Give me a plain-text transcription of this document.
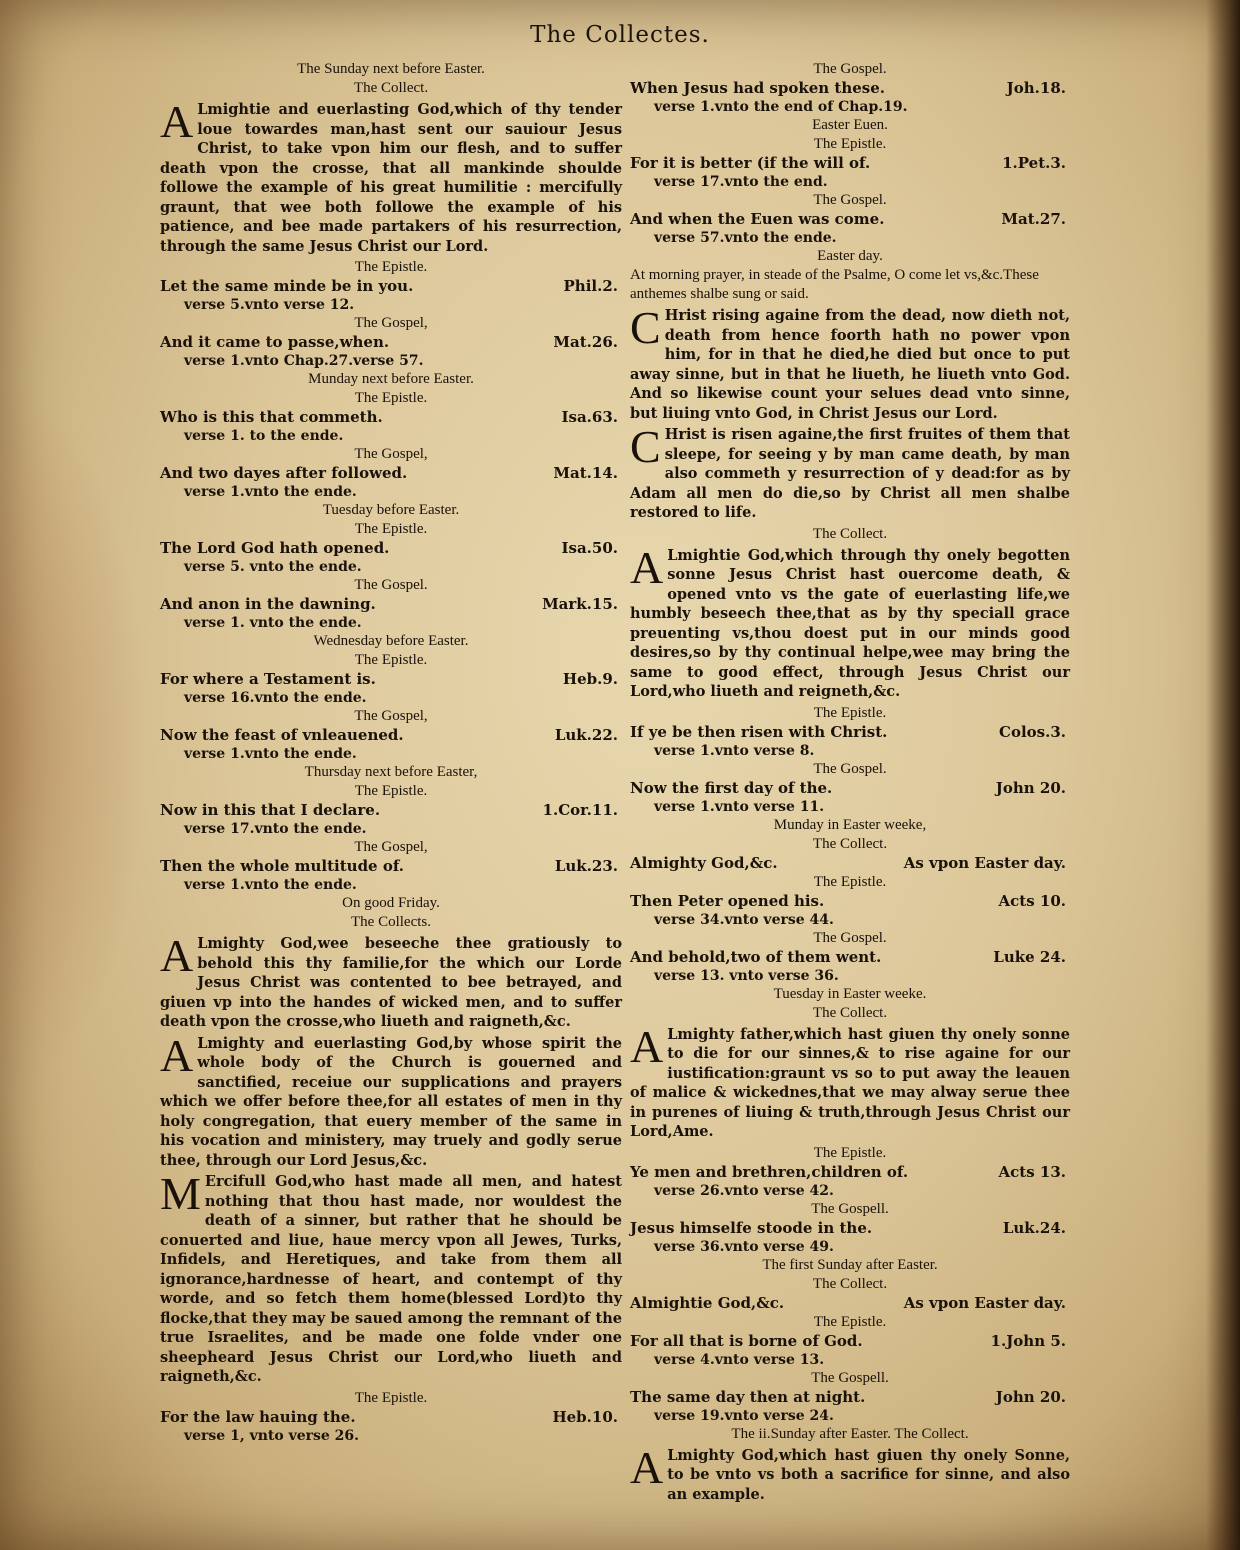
The Collectes.
The Sunday next before Easter.
The Collect.
A Lmightie and euerlasting God,which of thy tender loue towardes man,hast sent our sauiour Jesus Christ, to take vpon him our flesh, and to suffer death vpon the crosse, that all mankinde shoulde followe the example of his great humilitie : mercifully graunt, that wee both followe the example of his patience, and bee made partakers of his resurrection, through the same Jesus Christ our Lord.
The Epistle.
Let the same minde be in you.	Phil.2.
verse 5.vnto verse 12.
The Gospel,
And it came to passe,when.	Mat.26.
verse 1.vnto Chap.27.verse 57.
Munday next before Easter.
The Epistle.
Who is this that commeth.	Isa.63.
verse 1. to the ende.
The Gospel,
And two dayes after followed.	Mat.14.
verse 1.vnto the ende.
Tuesday before Easter.
The Epistle.
The Lord God hath opened.	Isa.50.
verse 5. vnto the ende.
The Gospel.
And anon in the dawning.	Mark.15.
verse 1. vnto the ende.
Wednesday before Easter.
The Epistle.
For where a Testament is.	Heb.9.
verse 16.vnto the ende.
The Gospel,
Now the feast of vnleauened.	Luk.22.
verse 1.vnto the ende.
Thursday next before Easter,
The Epistle.
Now in this that I declare.	1.Cor.11.
verse 17.vnto the ende.
The Gospel,
Then the whole multitude of.	Luk.23.
verse 1.vnto the ende.
On good Friday.
The Collects.
A Lmighty God,wee beseeche thee gratiously to behold this thy familie,for the which our Lorde Jesus Christ was contented to bee betrayed, and giuen vp into the handes of wicked men, and to suffer death vpon the crosse,who liueth and raigneth,&c.
A Lmighty and euerlasting God,by whose spirit the whole body of the Church is gouerned and sanctified, receiue our supplications and prayers which we offer before thee,for all estates of men in thy holy congregation, that euery member of the same in his vocation and ministery, may truely and godly serue thee, through our Lord Jesus,&c.
M Ercifull God,who hast made all men, and hatest nothing that thou hast made, nor wouldest the death of a sinner, but rather that he should be conuerted and liue, haue mercy vpon all Jewes, Turks, Infidels, and Heretiques, and take from them all ignorance,hardnesse of heart, and contempt of thy worde, and so fetch them home(blessed Lord)to thy flocke,that they may be saued among the remnant of the true Israelites, and be made one folde vnder one sheepheard Jesus Christ our Lord,who liueth and raigneth,&c.
The Epistle.
For the law hauing the.	Heb.10.
verse 1, vnto verse 26.
The Gospel.
When Jesus had spoken these.	Joh.18.
verse 1.vnto the end of Chap.19.
Easter Euen.
The Epistle.
For it is better (if the will of.	1.Pet.3.
verse 17.vnto the end.
The Gospel.
And when the Euen was come.	Mat.27.
verse 57.vnto the ende.
Easter day.
At morning prayer, in steade of the Psalme, O come let vs,&c.These anthemes shalbe sung or said.
C Hrist rising againe from the dead, now dieth not, death from hence foorth hath no power vpon him, for in that he died,he died but once to put away sinne, but in that he liueth, he liueth vnto God. And so likewise count your selues dead vnto sinne, but liuing vnto God, in Christ Jesus our Lord.
C Hrist is risen againe,the first fruites of them that sleepe, for seeing y by man came death, by man also commeth y resurrection of y dead:for as by Adam all men do die,so by Christ all men shalbe restored to life.
The Collect.
A Lmightie God,which through thy onely begotten sonne Jesus Christ hast ouercome death, & opened vnto vs the gate of euerlasting life,we humbly beseech thee,that as by thy speciall grace preuenting vs,thou doest put in our minds good desires,so by thy continual helpe,wee may bring the same to good effect, through Jesus Christ our Lord,who liueth and reigneth,&c.
The Epistle.
If ye be then risen with Christ.	Colos.3.
verse 1.vnto verse 8.
The Gospel.
Now the first day of the.	John 20.
verse 1.vnto verse 11.
Munday in Easter weeke,
The Collect.
Almighty God,&c.	As vpon Easter day.
The Epistle.
Then Peter opened his.	Acts 10.
verse 34.vnto verse 44.
The Gospel.
And behold,two of them went.	Luke 24.
verse 13. vnto verse 36.
Tuesday in Easter weeke.
The Collect.
A Lmighty father,which hast giuen thy onely sonne to die for our sinnes,& to rise againe for our iustification:graunt vs so to put away the leauen of malice & wickednes,that we may alway serue thee in purenes of liuing & truth,through Jesus Christ our Lord,Ame.
The Epistle.
Ye men and brethren,children of.	Acts 13.
verse 26.vnto verse 42.
The Gospell.
Jesus himselfe stoode in the.	Luk.24.
verse 36.vnto verse 49.
The first Sunday after Easter.
The Collect.
Almightie God,&c.	As vpon Easter day.
The Epistle.
For all that is borne of God.	1.John 5.
verse 4.vnto verse 13.
The Gospell.
The same day then at night.	John 20.
verse 19.vnto verse 24.
The ii.Sunday after Easter. The Collect.
A Lmighty God,which hast giuen thy onely Sonne, to be vnto vs both a sacrifice for sinne, and also an example.
